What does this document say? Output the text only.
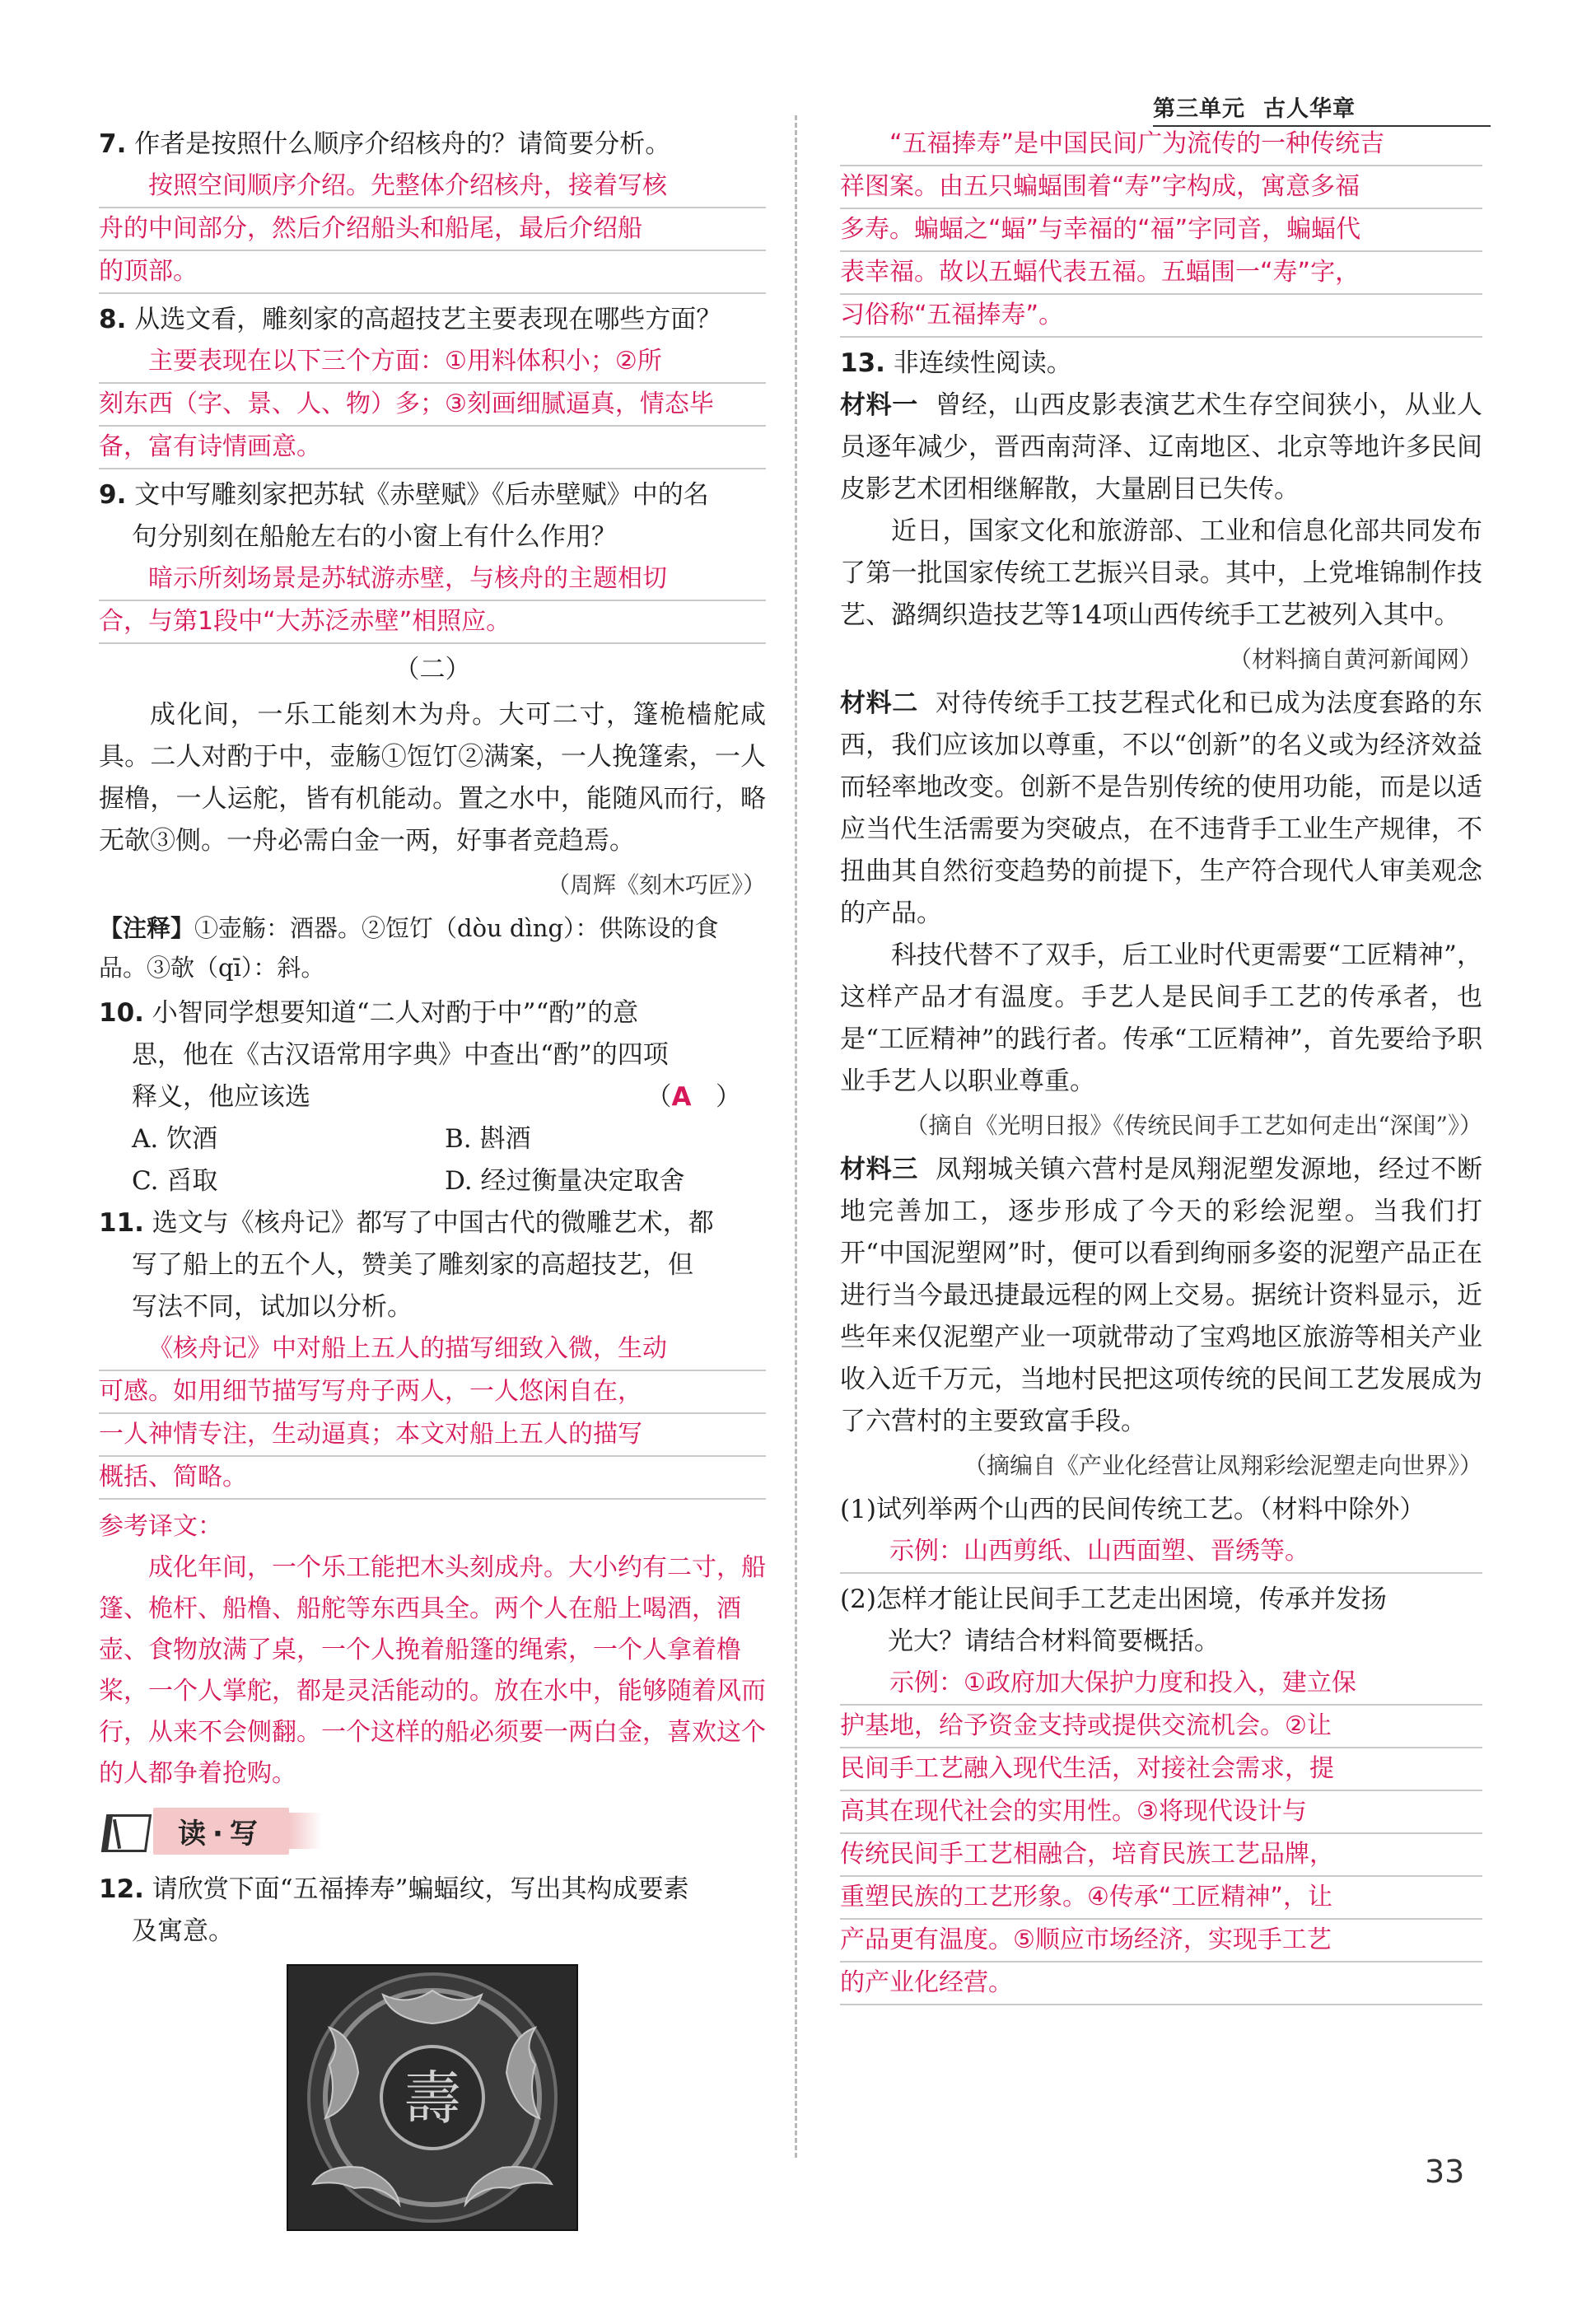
第三单元 古人华章

7. 作者是按照什么顺序介绍核舟的？请简要分析。

按照空间顺序介绍。先整体介绍核舟，接着写核
舟的中间部分，然后介绍船头和船尾，最后介绍船
的顶部。

8. 从选文看，雕刻家的高超技艺主要表现在哪些方面？

主要表现在以下三个方面：①用料体积小；②所
刻东西（字、景、人、物）多；③刻画细腻逼真，情态毕
备，富有诗情画意。

9. 文中写雕刻家把苏轼《赤壁赋》《后赤壁赋》中的名
句分别刻在船舱左右的小窗上有什么作用？

暗示所刻场景是苏轼游赤壁，与核舟的主题相切
合，与第1段中“大苏泛赤壁”相照应。

（二）

成化间，一乐工能刻木为舟。大可二寸，篷桅樯舵咸具。二人对酌于中，壶觞①饾饤②满案，一人挽篷索，一人握橹，一人运舵，皆有机能动。置之水中，能随风而行，略无欹③侧。一舟必需白金一两，好事者竞趋焉。

（周辉《刻木巧匠》）

【注释】①壶觞：酒器。②饾饤（dòu dìng）：供陈设的食品。③欹（qī）：斜。

10. 小智同学想要知道“二人对酌于中”“酌”的意
思，他在《古汉语常用字典》中查出“酌”的四项

释义，他应该选	（A ）

A. 饮酒	B. 斟酒
C. 舀取	D. 经过衡量决定取舍

11. 选文与《核舟记》都写了中国古代的微雕艺术，都
写了船上的五个人，赞美了雕刻家的高超技艺，但
写法不同，试加以分析。

《核舟记》中对船上五人的描写细致入微，生动
可感。如用细节描写写舟子两人，一人悠闲自在，
一人神情专注，生动逼真；本文对船上五人的描写
概括、简略。

参考译文：

成化年间，一个乐工能把木头刻成舟。大小约有二寸，船篷、桅杆、船橹、船舵等东西具全。两个人在船上喝酒，酒壶、食物放满了桌，一个人挽着船篷的绳索，一个人拿着橹桨，一个人掌舵，都是灵活能动的。放在水中，能够随着风而行，从来不会侧翻。一个这样的船必须要一两白金，喜欢这个的人都争着抢购。

读·写

12. 请欣赏下面“五福捧寿”蝙蝠纹，写出其构成要素
及寓意。

壽
“五福捧寿”是中国民间广为流传的一种传统吉
祥图案。由五只蝙蝠围着“寿”字构成，寓意多福
多寿。蝙蝠之“蝠”与幸福的“福”字同音，蝙蝠代
表幸福。故以五蝠代表五福。五蝠围一“寿”字，
习俗称“五福捧寿”。

13. 非连续性阅读。

材料一 曾经，山西皮影表演艺术生存空间狭小，从业人员逐年减少，晋西南菏泽、辽南地区、北京等地许多民间皮影艺术团相继解散，大量剧目已失传。

近日，国家文化和旅游部、工业和信息化部共同发布了第一批国家传统工艺振兴目录。其中，上党堆锦制作技艺、潞绸织造技艺等14项山西传统手工艺被列入其中。

（材料摘自黄河新闻网）

材料二 对待传统手工技艺程式化和已成为法度套路的东西，我们应该加以尊重，不以“创新”的名义或为经济效益而轻率地改变。创新不是告别传统的使用功能，而是以适应当代生活需要为突破点，在不违背手工业生产规律，不扭曲其自然衍变趋势的前提下，生产符合现代人审美观念的产品。

科技代替不了双手，后工业时代更需要“工匠精神”，这样产品才有温度。手艺人是民间手工艺的传承者，也是“工匠精神”的践行者。传承“工匠精神”，首先要给予职业手艺人以职业尊重。

（摘自《光明日报》《传统民间手工艺如何走出“深闺”》）

材料三 凤翔城关镇六营村是凤翔泥塑发源地，经过不断地完善加工，逐步形成了今天的彩绘泥塑。当我们打开“中国泥塑网”时，便可以看到绚丽多姿的泥塑产品正在进行当今最迅捷最远程的网上交易。据统计资料显示，近些年来仅泥塑产业一项就带动了宝鸡地区旅游等相关产业收入近千万元，当地村民把这项传统的民间工艺发展成为了六营村的主要致富手段。

（摘编自《产业化经营让凤翔彩绘泥塑走向世界》）

(1)试列举两个山西的民间传统工艺。（材料中除外）

示例：山西剪纸、山西面塑、晋绣等。

(2)怎样才能让民间手工艺走出困境，传承并发扬
光大？请结合材料简要概括。

示例：①政府加大保护力度和投入，建立保
护基地，给予资金支持或提供交流机会。②让
民间手工艺融入现代生活，对接社会需求，提
高其在现代社会的实用性。③将现代设计与
传统民间手工艺相融合，培育民族工艺品牌，
重塑民族的工艺形象。④传承“工匠精神”，让
产品更有温度。⑤顺应市场经济，实现手工艺
的产业化经营。
33
